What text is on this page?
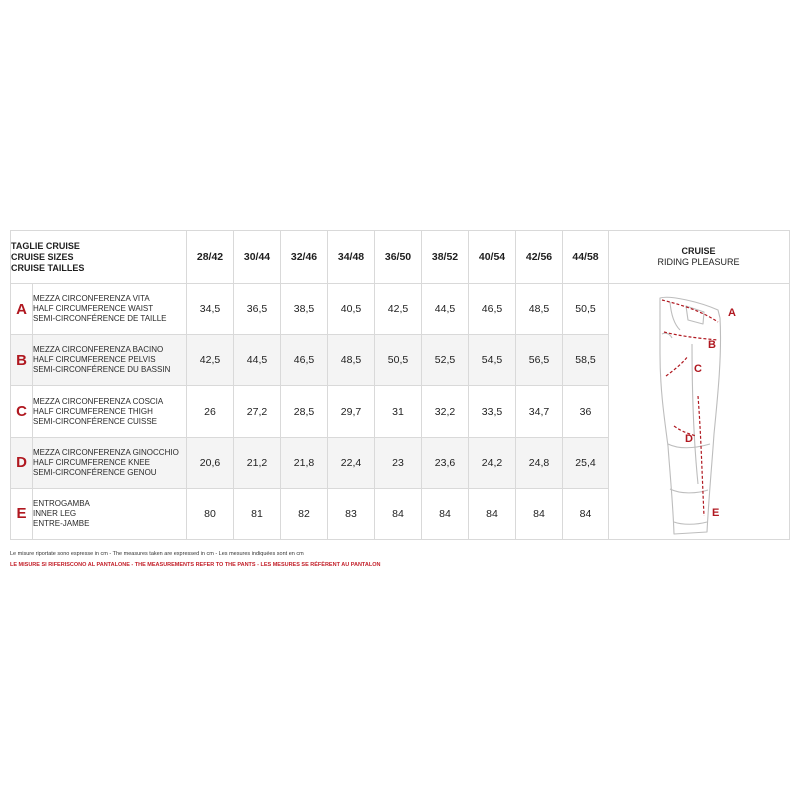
TAGLIE CRUISE
CRUISE SIZES
CRUISE TAILLES		28/42	30/44	32/46	34/48	36/50	38/52	40/54	42/56	44/58
A	MEZZA CIRCONFERENZA VITA
HALF CIRCUMFERENCE WAIST
SEMI-CIRCONFÉRENCE DE TAILLE	34,5	36,5	38,5	40,5	42,5	44,5	46,5	48,5	50,5
B	MEZZA CIRCONFERENZA BACINO
HALF CIRCUMFERENCE PELVIS
SEMI-CIRCONFÉRENCE DU BASSIN	42,5	44,5	46,5	48,5	50,5	52,5	54,5	56,5	58,5
C	MEZZA CIRCONFERENZA COSCIA
HALF CIRCUMFERENCE THIGH
SEMI-CIRCONFÉRENCE CUISSE	26	27,2	28,5	29,7	31	32,2	33,5	34,7	36
D	MEZZA CIRCONFERENZA GINOCCHIO
HALF CIRCUMFERENCE KNEE
SEMI-CIRCONFÉRENCE GENOU	20,6	21,2	21,8	22,4	23	23,6	24,2	24,8	25,4
E	ENTROGAMBA
INNER LEG
ENTRE-JAMBE	80	81	82	83	84	84	84	84	84
CRUISE
RIDING PLEASURE
A
B
C
D
E
Le misure riportate sono espresse in cm - The measures taken are expressed in cm - Les mesures indiquées sont en cm
LE MISURE SI RIFERISCONO AL PANTALONE - THE MEASUREMENTS REFER TO THE PANTS - LES MESURES SE RÉFÈRENT AU PANTALON
